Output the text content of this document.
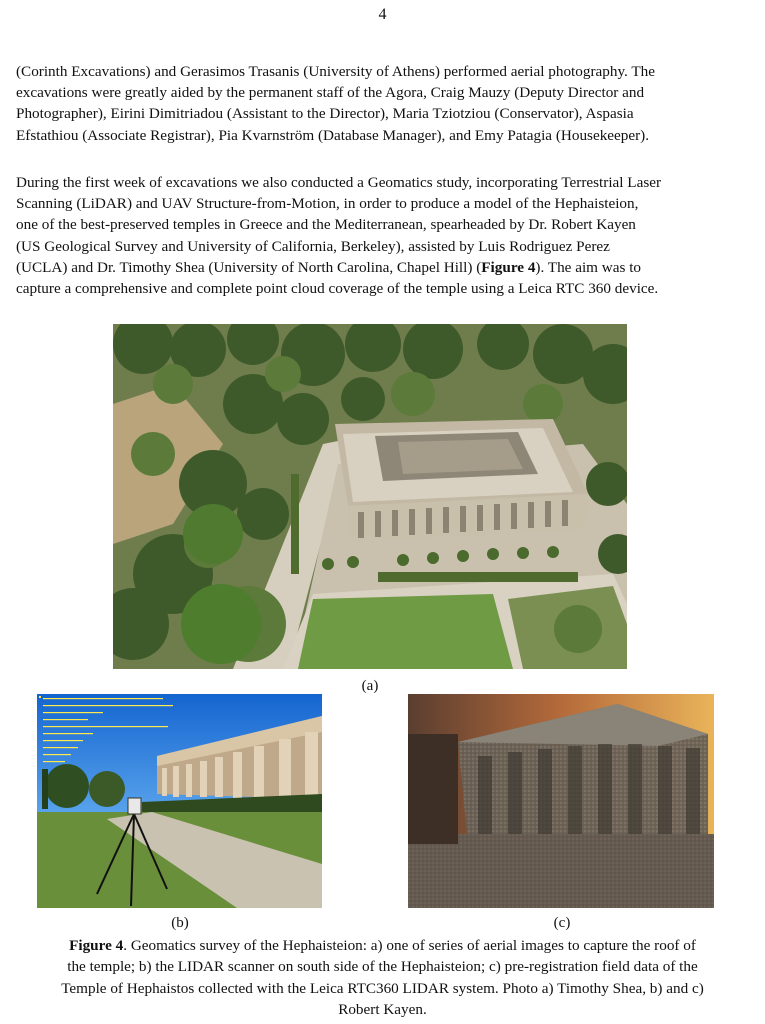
4

(Corinth Excavations) and Gerasimos Trasanis (University of Athens) performed aerial photography. The
excavations were greatly aided by the permanent staff of the Agora, Craig Mauzy (Deputy Director and
Photographer), Eirini Dimitriadou (Assistant to the Director), Maria Tziotziou (Conservator), Aspasia
Efstathiou (Associate Registrar), Pia Kvarnström (Database Manager), and Emy Patagia (Housekeeper).

During the first week of excavations we also conducted a Geomatics study, incorporating Terrestrial Laser
Scanning (LiDAR) and UAV Structure-from-Motion, in order to produce a model of the Hephaisteion,
one of the best-preserved temples in Greece and the Mediterranean, spearheaded by Dr. Robert Kayen
(US Geological Survey and University of California, Berkeley), assisted by Luis Rodriguez Perez
(UCLA) and Dr. Timothy Shea (University of North Carolina, Chapel Hill) (Figure 4). The aim was to
capture a comprehensive and complete point cloud coverage of the temple using a Leica RTC 360 device.

(a)
(b)	(c)
Figure 4. Geomatics survey of the Hephaisteion: a) one of series of aerial images to capture the roof of
the temple; b) the LIDAR scanner on south side of the Hephaisteion; c) pre-registration field data of the
Temple of Hephaistos collected with the Leica RTC360 LIDAR system. Photo a) Timothy Shea, b) and c)
Robert Kayen.
